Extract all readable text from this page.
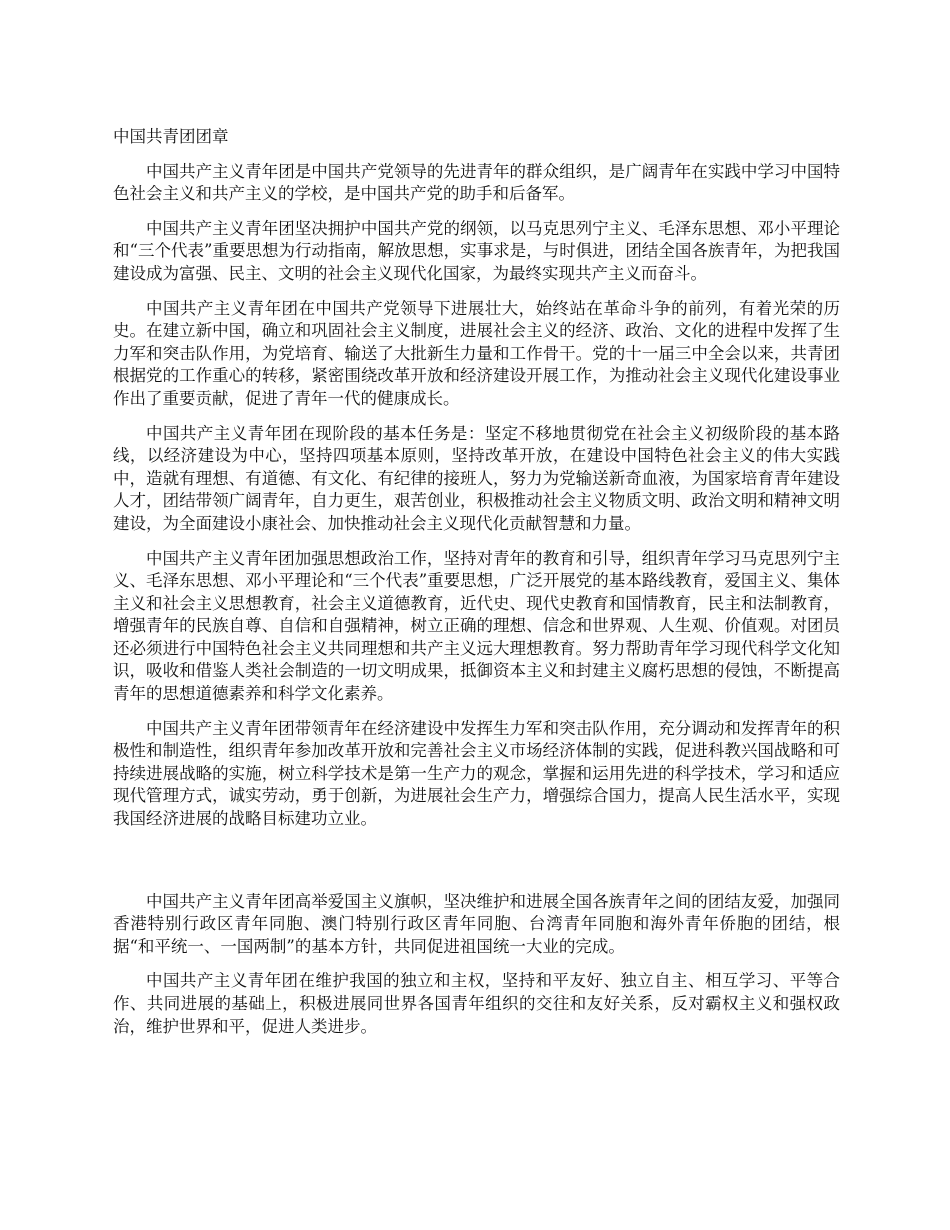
中国共青团团章

中国共产主义青年团是中国共产党领导的先进青年的群众组织，是广阔青年在实践中学习中国特色社会主义和共产主义的学校，是中国共产党的助手和后备军。

中国共产主义青年团坚决拥护中国共产党的纲领，以马克思列宁主义、毛泽东思想、邓小平理论和“三个代表”重要思想为行动指南，解放思想，实事求是，与时俱进，团结全国各族青年，为把我国建设成为富强、民主、文明的社会主义现代化国家，为最终实现共产主义而奋斗。

中国共产主义青年团在中国共产党领导下进展壮大，始终站在革命斗争的前列，有着光荣的历史。在建立新中国，确立和巩固社会主义制度，进展社会主义的经济、政治、文化的进程中发挥了生力军和突击队作用，为党培育、输送了大批新生力量和工作骨干。党的十一届三中全会以来，共青团根据党的工作重心的转移，紧密围绕改革开放和经济建设开展工作，为推动社会主义现代化建设事业作出了重要贡献，促进了青年一代的健康成长。

中国共产主义青年团在现阶段的基本任务是：坚定不移地贯彻党在社会主义初级阶段的基本路线，以经济建设为中心，坚持四项基本原则，坚持改革开放，在建设中国特色社会主义的伟大实践中，造就有理想、有道德、有文化、有纪律的接班人，努力为党输送新奇血液，为国家培育青年建设人才，团结带领广阔青年，自力更生，艰苦创业，积极推动社会主义物质文明、政治文明和精神文明建设，为全面建设小康社会、加快推动社会主义现代化贡献智慧和力量。

中国共产主义青年团加强思想政治工作，坚持对青年的教育和引导，组织青年学习马克思列宁主义、毛泽东思想、邓小平理论和“三个代表”重要思想，广泛开展党的基本路线教育，爱国主义、集体主义和社会主义思想教育，社会主义道德教育，近代史、现代史教育和国情教育，民主和法制教育，增强青年的民族自尊、自信和自强精神，树立正确的理想、信念和世界观、人生观、价值观。对团员还必须进行中国特色社会主义共同理想和共产主义远大理想教育。努力帮助青年学习现代科学文化知识，吸收和借鉴人类社会制造的一切文明成果，抵御资本主义和封建主义腐朽思想的侵蚀，不断提高青年的思想道德素养和科学文化素养。

中国共产主义青年团带领青年在经济建设中发挥生力军和突击队作用，充分调动和发挥青年的积极性和制造性，组织青年参加改革开放和完善社会主义市场经济体制的实践，促进科教兴国战略和可持续进展战略的实施，树立科学技术是第一生产力的观念，掌握和运用先进的科学技术，学习和适应现代管理方式，诚实劳动，勇于创新，为进展社会生产力，增强综合国力，提高人民生活水平，实现我国经济进展的战略目标建功立业。

中国共产主义青年团高举爱国主义旗帜，坚决维护和进展全国各族青年之间的团结友爱，加强同香港特别行政区青年同胞、澳门特别行政区青年同胞、台湾青年同胞和海外青年侨胞的团结，根据“和平统一、一国两制”的基本方针，共同促进祖国统一大业的完成。

中国共产主义青年团在维护我国的独立和主权，坚持和平友好、独立自主、相互学习、平等合作、共同进展的基础上，积极进展同世界各国青年组织的交往和友好关系，反对霸权主义和强权政治，维护世界和平，促进人类进步。
